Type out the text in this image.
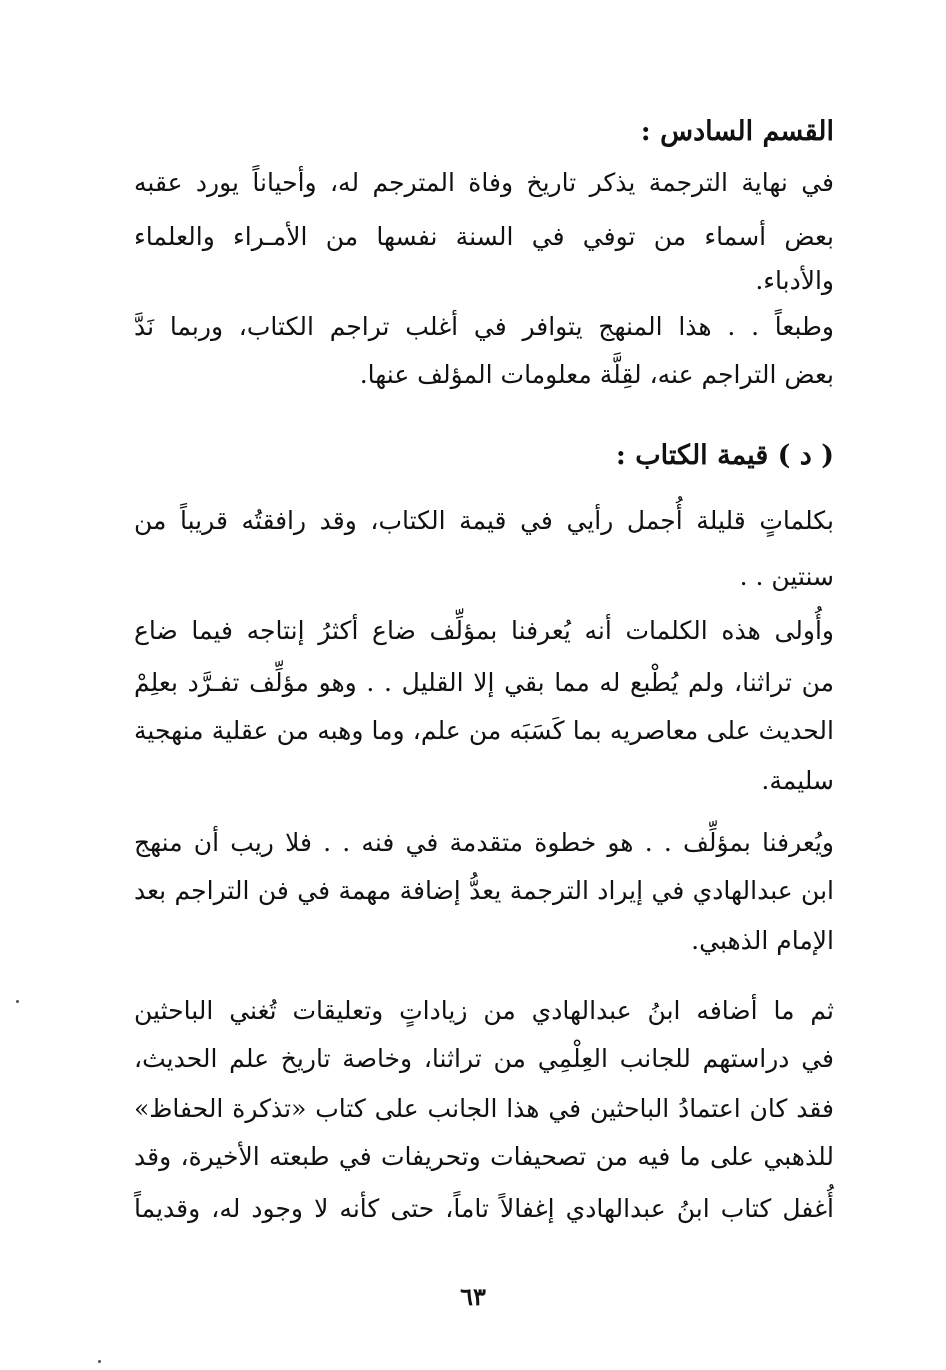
القسم السادس :
في نهاية الترجمة يذكر تاريخ وفاة المترجم له، وأحياناً يورد عقبه
بعض أسماء من توفي في السنة نفسها من الأمـراء والعلماء
والأدباء.
وطبعاً . . هذا المنهج يتوافر في أغلب تراجم الكتاب، وربما نَدَّ
بعض التراجم عنه، لقِلَّة معلومات المؤلف عنها.
( د ) قيمة الكتاب :
بكلماتٍ قليلة أُجمل رأيي في قيمة الكتاب، وقد رافقتُه قريباً من
سنتين . .
وأُولى هذه الكلمات أنه يُعرفنا بمؤلِّف ضاع أكثرُ إنتاجه فيما ضاع
من تراثنا، ولم يُطْبع له مما بقي إلا القليل . . وهو مؤلِّف تفـرَّد بعلِمْ
الحديث على معاصريه بما كَسَبَه من علم، وما وهبه من عقلية منهجية
سليمة.
ويُعرفنا بمؤلِّف . . هو خطوة متقدمة في فنه . . فلا ريب أن منهج
ابن عبدالهادي في إيراد الترجمة يعدُّ إضافة مهمة في فن التراجم بعد
الإمام الذهبي.
ثم ما أضافه ابنُ عبدالهادي من زياداتٍ وتعليقات تُغني الباحثين
في دراستهم للجانب العِلْمِي من تراثنا، وخاصة تاريخ علم الحديث،
فقد كان اعتمادُ الباحثين في هذا الجانب على كتاب «تذكرة الحفاظ»
للذهبي على ما فيه من تصحيفات وتحريفات في طبعته الأخيرة، وقد
أُغفل كتاب ابنُ عبدالهادي إغفالاً تاماً، حتى كأنه لا وجود له، وقديماً
٦٣
